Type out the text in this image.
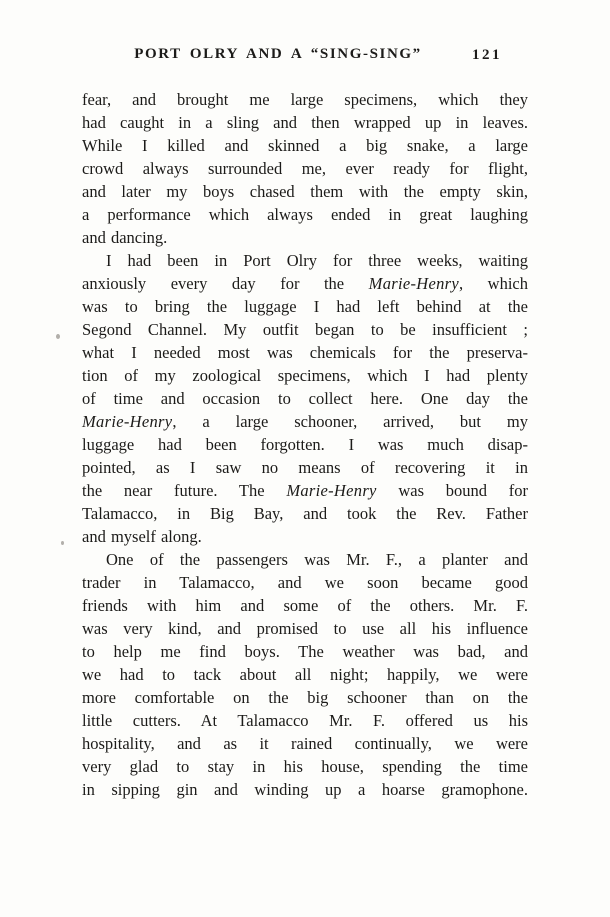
PORT OLRY AND A “SING-SING”	121
fear, and brought me large specimens, which they
had caught in a sling and then wrapped up in leaves.
While I killed and skinned a big snake, a large
crowd always surrounded me, ever ready for flight,
and later my boys chased them with the empty skin,
a performance which always ended in great laughing
and dancing.
I had been in Port Olry for three weeks, waiting
anxiously every day for the Marie-Henry, which
was to bring the luggage I had left behind at the
Segond Channel. My outfit began to be insufficient ;
what I needed most was chemicals for the preserva-
tion of my zoological specimens, which I had plenty
of time and occasion to collect here. One day the
Marie-Henry, a large schooner, arrived, but my
luggage had been forgotten. I was much disap-
pointed, as I saw no means of recovering it in
the near future. The Marie-Henry was bound for
Talamacco, in Big Bay, and took the Rev. Father
and myself along.
One of the passengers was Mr. F., a planter and
trader in Talamacco, and we soon became good
friends with him and some of the others. Mr. F.
was very kind, and promised to use all his influence
to help me find boys. The weather was bad, and
we had to tack about all night; happily, we were
more comfortable on the big schooner than on the
little cutters. At Talamacco Mr. F. offered us his
hospitality, and as it rained continually, we were
very glad to stay in his house, spending the time
in sipping gin and winding up a hoarse gramophone.
